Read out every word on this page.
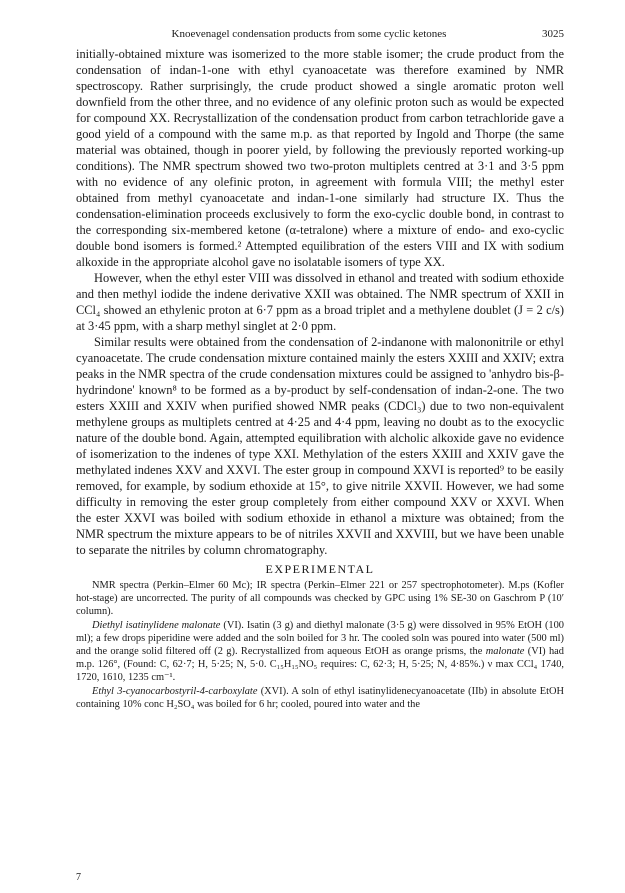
Knoevenagel condensation products from some cyclic ketones	3025

initially-obtained mixture was isomerized to the more stable isomer; the crude product from the condensation of indan-1-one with ethyl cyanoacetate was therefore examined by NMR spectroscopy. Rather surprisingly, the crude product showed a single aromatic proton well downfield from the other three, and no evidence of any olefinic proton such as would be expected for compound XX. Recrystallization of the condensation product from carbon tetrachloride gave a good yield of a compound with the same m.p. as that reported by Ingold and Thorpe (the same material was obtained, though in poorer yield, by following the previously reported working-up conditions). The NMR spectrum showed two two-proton multiplets centred at 3·1 and 3·5 ppm with no evidence of any olefinic proton, in agreement with formula VIII; the methyl ester obtained from methyl cyanoacetate and indan-1-one similarly had structure IX. Thus the condensation-elimination proceeds exclusively to form the exo-cyclic double bond, in contrast to the corresponding six-membered ketone (α-tetralone) where a mixture of endo- and exo-cyclic double bond isomers is formed.² Attempted equilibration of the esters VIII and IX with sodium alkoxide in the appropriate alcohol gave no isolatable isomers of type XX.

However, when the ethyl ester VIII was dissolved in ethanol and treated with sodium ethoxide and then methyl iodide the indene derivative XXII was obtained. The NMR spectrum of XXII in CCl₄ showed an ethylenic proton at 6·7 ppm as a broad triplet and a methylene doublet (J = 2 c/s) at 3·45 ppm, with a sharp methyl singlet at 2·0 ppm.

Similar results were obtained from the condensation of 2-indanone with malononitrile or ethyl cyanoacetate. The crude condensation mixture contained mainly the esters XXIII and XXIV; extra peaks in the NMR spectra of the crude condensation mixtures could be assigned to 'anhydro bis-β-hydrindone' known⁸ to be formed as a by-product by self-condensation of indan-2-one. The two esters XXIII and XXIV when purified showed NMR peaks (CDCl₃) due to two non-equivalent methylene groups as multiplets centred at 4·25 and 4·4 ppm, leaving no doubt as to the exocyclic nature of the double bond. Again, attempted equilibration with alcholic alkoxide gave no evidence of isomerization to the indenes of type XXI. Methylation of the esters XXIII and XXIV gave the methylated indenes XXV and XXVI. The ester group in compound XXVI is reported⁹ to be easily removed, for example, by sodium ethoxide at 15°, to give nitrile XXVII. However, we had some difficulty in removing the ester group completely from either compound XXV or XXVI. When the ester XXVI was boiled with sodium ethoxide in ethanol a mixture was obtained; from the NMR spectrum the mixture appears to be of nitriles XXVII and XXVIII, but we have been unable to separate the nitriles by column chromatography.

EXPERIMENTAL

NMR spectra (Perkin–Elmer 60 Mc); IR spectra (Perkin–Elmer 221 or 257 spectrophotometer). M.ps (Kofler hot-stage) are uncorrected. The purity of all compounds was checked by GPC using 1% SE-30 on Gaschrom P (10′ column).

Diethyl isatinylidene malonate (VI). Isatin (3 g) and diethyl malonate (3·5 g) were dissolved in 95% EtOH (100 ml); a few drops piperidine were added and the soln boiled for 3 hr. The cooled soln was poured into water (500 ml) and the orange solid filtered off (2 g). Recrystallized from aqueous EtOH as orange prisms, the malonate (VI) had m.p. 126°, (Found: C, 62·7; H, 5·25; N, 5·0. C₁₅H₁₅NO₅ requires: C, 62·3; H, 5·25; N, 4·85%.) ν max CCl₄ 1740, 1720, 1610, 1235 cm⁻¹.

Ethyl 3-cyanocarbostyril-4-carboxylate (XVI). A soln of ethyl isatinylidenecyanoacetate (IIb) in absolute EtOH containing 10% conc H₂SO₄ was boiled for 6 hr; cooled, poured into water and the

7
